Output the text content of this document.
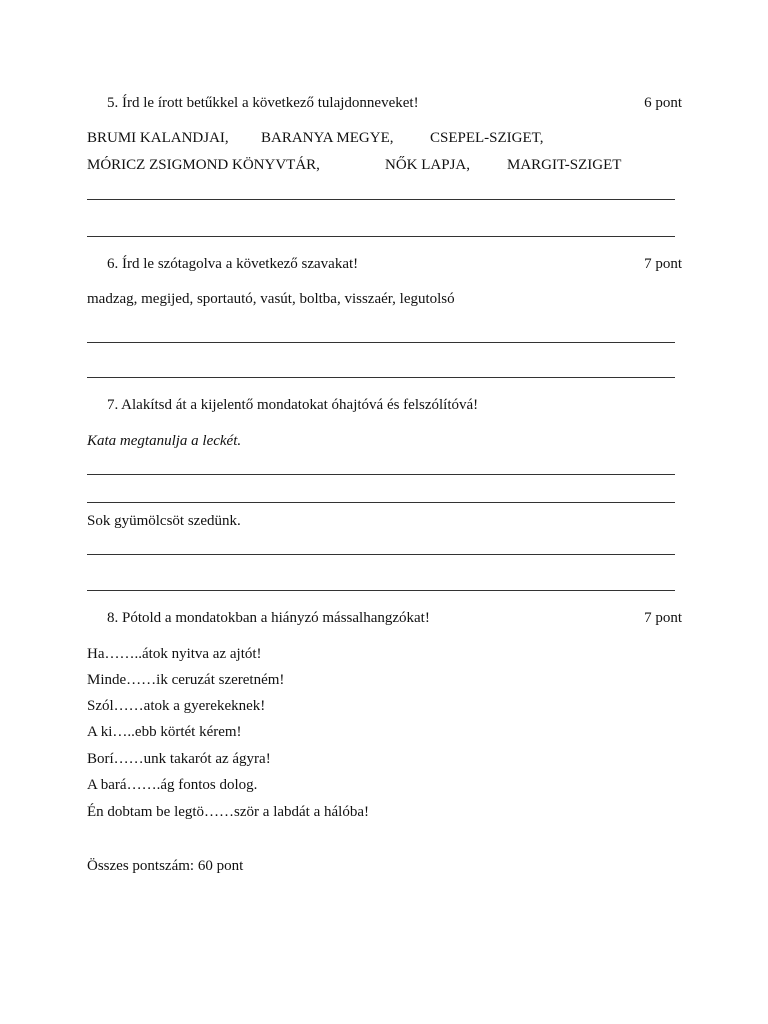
5. Írd le írott betűkkel a következő tulajdonneveket!	6 pont
BRUMI KALANDJAI, BARANYA MEGYE, CSEPEL-SZIGET,
MÓRICZ ZSIGMOND KÖNYVTÁR,	NŐK LAPJA, MARGIT-SZIGET
6. Írd le szótagolva a következő szavakat!	7 pont
madzag, megijed, sportautó, vasút, boltba, visszaér, legutolsó
7. Alakítsd át a kijelentő mondatokat óhajtóvá és felszólítóvá!
Kata megtanulja a leckét.
Sok gyümölcsöt szedünk.
8. Pótold a mondatokban a hiányzó mássalhangzókat!	7 pont
Ha……..átok nyitva az ajtót!
Minde……ik ceruzát szeretném!
Szól……atok a gyerekeknek!
A ki…..ebb körtét kérem!
Borí……unk takarót az ágyra!
A bará…….ág fontos dolog.
Én dobtam be legtö……ször a labdát a hálóba!
Összes pontszám: 60 pont
